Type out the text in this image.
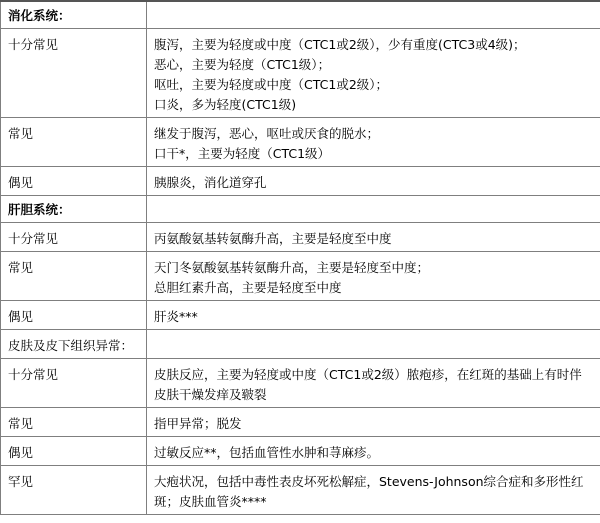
消化系统：	
十分常见	腹泻，主要为轻度或中度（CTC1或2级），少有重度(CTC3或4级)；
恶心，主要为轻度（CTC1级）；
呕吐，主要为轻度或中度（CTC1或2级）；
口炎，多为轻度(CTC1级)

常见	继发于腹泻，恶心，呕吐或厌食的脱水；
口干*，主要为轻度（CTC1级）

偶见	胰腺炎，消化道穿孔

肝胆系统：	
十分常见	丙氨酸氨基转氨酶升高，主要是轻度至中度

常见	天门冬氨酸氨基转氨酶升高，主要是轻度至中度；
总胆红素升高，主要是轻度至中度

偶见	肝炎***

皮肤及皮下组织异常：	
十分常见	皮肤反应，主要为轻度或中度（CTC1或2级）脓疱疹，在红斑的基础上有时伴皮肤干燥发痒及皲裂

常见	指甲异常；脱发

偶见	过敏反应**，包括血管性水肿和荨麻疹。

罕见	大疱状况，包括中毒性表皮坏死松解症，Stevens-Johnson综合症和多形性红斑；皮肤血管炎****
